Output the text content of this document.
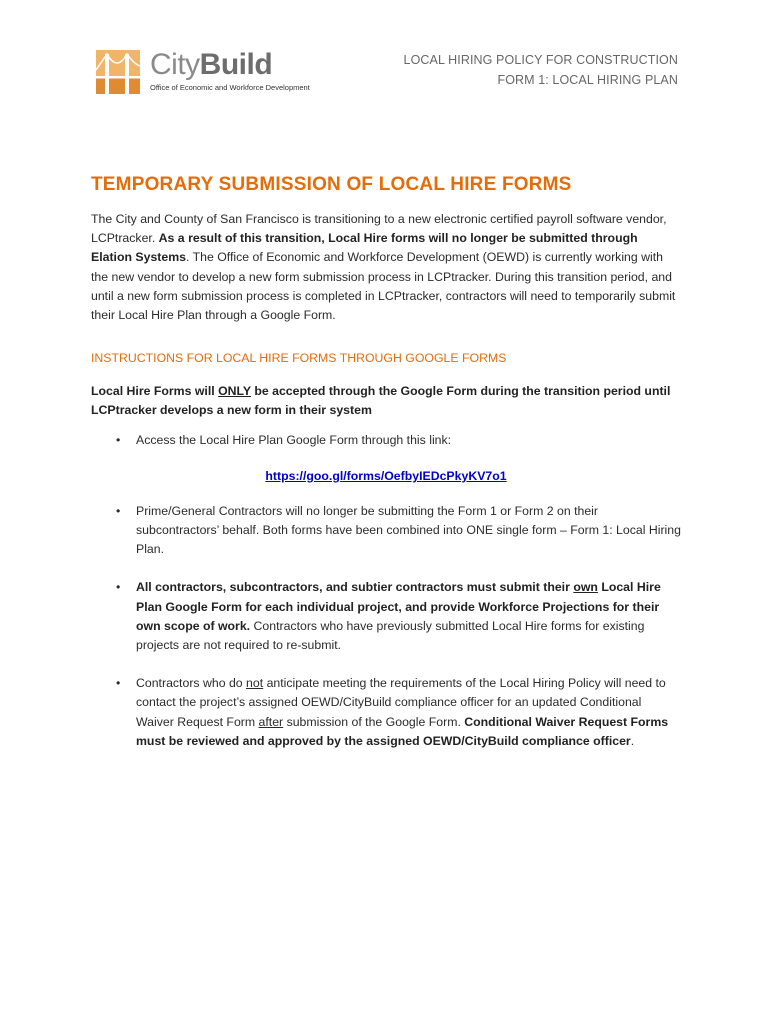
CityBuild
Office of Economic and Workforce Development
LOCAL HIRING POLICY FOR CONSTRUCTION
FORM 1: LOCAL HIRING PLAN
TEMPORARY SUBMISSION OF LOCAL HIRE FORMS

The City and County of San Francisco is transitioning to a new electronic certified payroll software vendor, LCPtracker. As a result of this transition, Local Hire forms will no longer be submitted through Elation Systems. The Office of Economic and Workforce Development (OEWD) is currently working with the new vendor to develop a new form submission process in LCPtracker. During this transition period, and until a new form submission process is completed in LCPtracker, contractors will need to temporarily submit their Local Hire Plan through a Google Form.

INSTRUCTIONS FOR LOCAL HIRE FORMS THROUGH GOOGLE FORMS
Local Hire Forms will ONLY be accepted through the Google Form during the transition period until LCPtracker develops a new form in their system
• Access the Local Hire Plan Google Form through this link:
https://goo.gl/forms/OefbyIEDcPkyKV7o1
• Prime/General Contractors will no longer be submitting the Form 1 or Form 2 on their subcontractors’ behalf. Both forms have been combined into ONE single form – Form 1: Local Hiring Plan.
• All contractors, subcontractors, and subtier contractors must submit their own Local Hire Plan Google Form for each individual project, and provide Workforce Projections for their own scope of work. Contractors who have previously submitted Local Hire forms for existing projects are not required to re-submit.
• Contractors who do not anticipate meeting the requirements of the Local Hiring Policy will need to contact the project’s assigned OEWD/CityBuild compliance officer for an updated Conditional Waiver Request Form after submission of the Google Form. Conditional Waiver Request Forms must be reviewed and approved by the assigned OEWD/CityBuild compliance officer.
